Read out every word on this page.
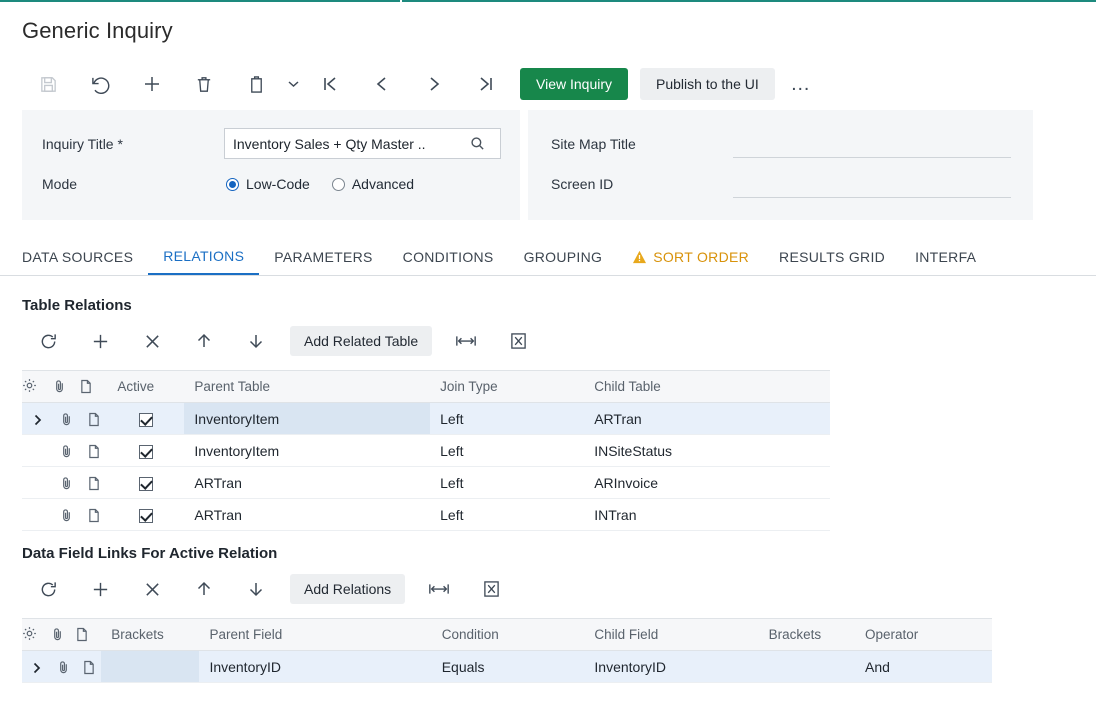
Generic Inquiry
View Inquiry	Publish to the UI	…
Inquiry Title *
Inventory Sales + Qty Master ..
Mode	Low-Code	Advanced
Site Map Title
Screen ID
DATA SOURCES	RELATIONS	PARAMETERS	CONDITIONS	GROUPING	SORT ORDER	RESULTS GRID	INTERFA
Table Relations
Add Related Table
			Active	Parent Table	Join Type	Child Table
				InventoryItem	Left	ARTran
				InventoryItem	Left	INSiteStatus
				ARTran	Left	ARInvoice
				ARTran	Left	INTran
Data Field Links For Active Relation
Add Relations
			Brackets	Parent Field	Condition	Child Field	Brackets	Operator	
				InventoryID	Equals	InventoryID		And	
